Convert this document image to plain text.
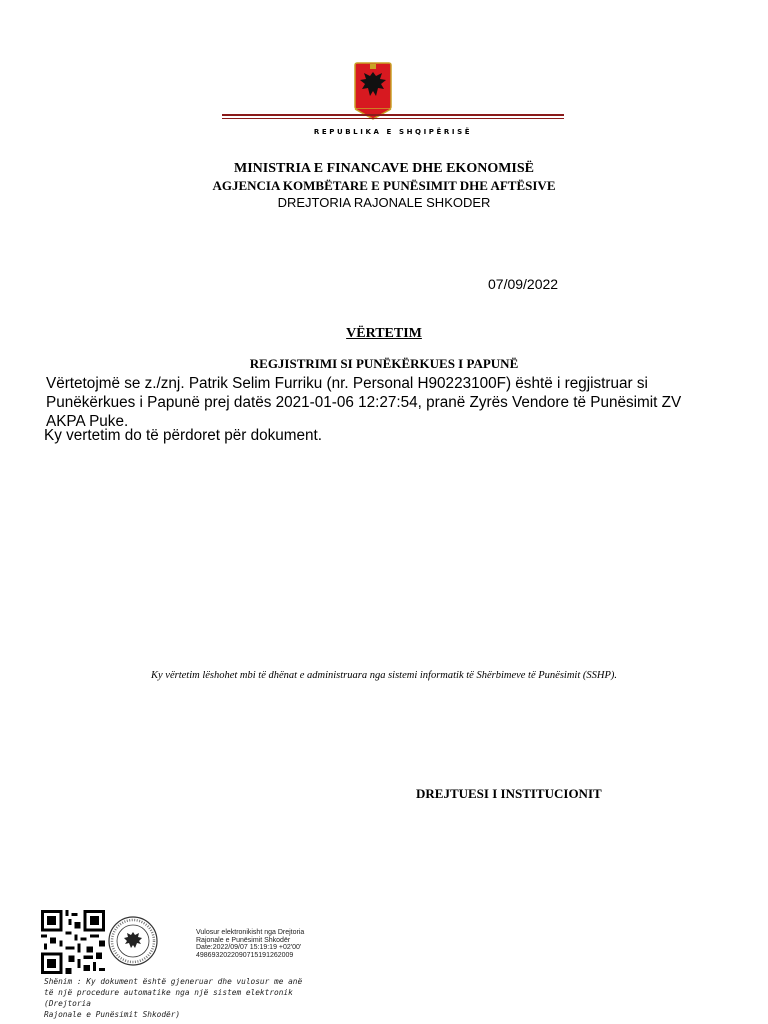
REPUBLIKA E SHQIPËRISË
MINISTRIA E FINANCAVE DHE EKONOMISË
AGJENCIA KOMBËTARE E PUNËSIMIT DHE AFTËSIVE
DREJTORIA RAJONALE SHKODER
07/09/2022
VËRTETIM
REGJISTRIMI SI PUNËKËRKUES I PAPUNË
Vërtetojmë se z./znj. Patrik Selim Furriku (nr. Personal H90223100F) është i regjistruar si
Punëkërkues i Papunë prej datës 2021-01-06 12:27:54, pranë Zyrës Vendore të Punësimit ZV
AKPA Puke.
Ky vertetim do të përdoret për dokument.
Ky vërtetim lëshohet mbi të dhënat e administruara nga sistemi informatik të Shërbimeve të Punësimit (SSHP).
DREJTUESI I INSTITUCIONIT
Vulosur elektronikisht nga Drejtoria
Rajonale e Punësimit Shkodër
Date:2022/09/07 15:19:19 +02'00'
4986932022090715191262009
Shënim : Ky dokument është gjeneruar dhe vulosur me anë
të një procedure automatike nga një sistem elektronik (Drejtoria
Rajonale e Punësimit Shkodër)
